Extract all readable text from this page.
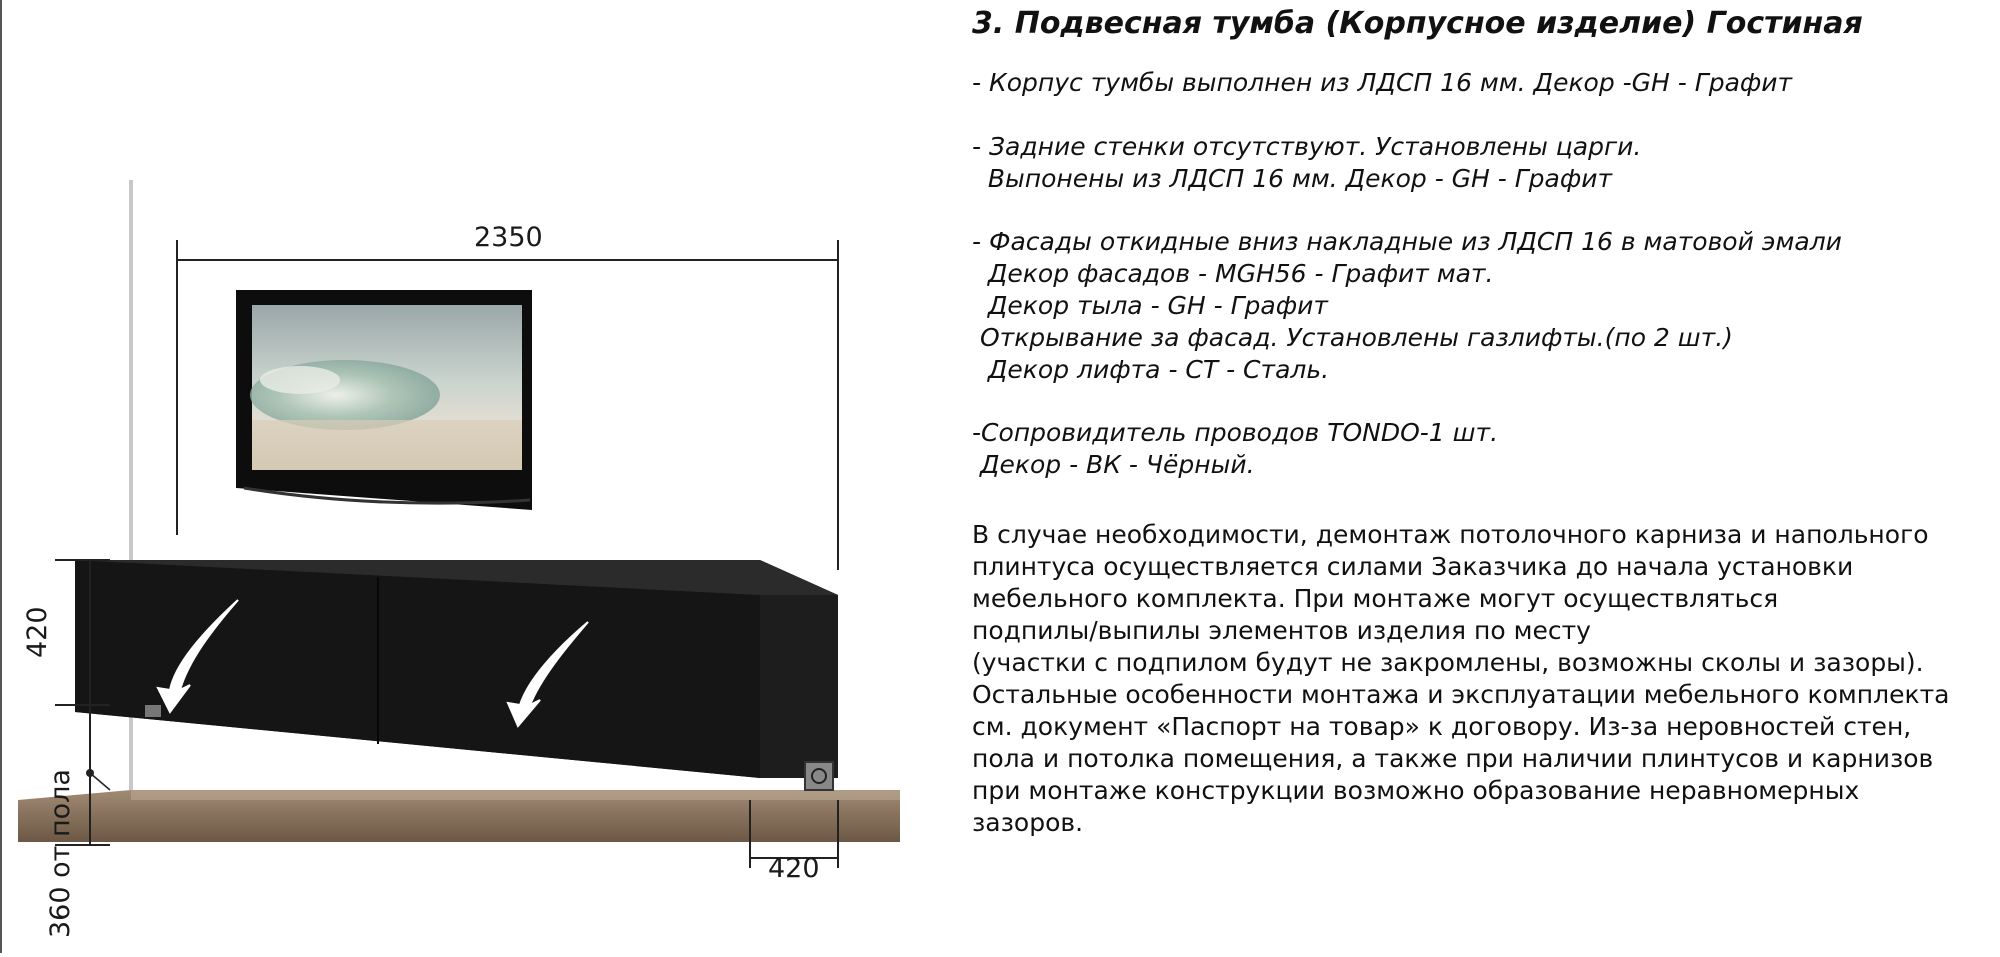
2350
420
360 от пола	420
3. Подвесная тумба (Корпусное изделие) Гостиная
- Корпус тумбы выполнен из ЛДСП 16 мм. Декор -GH - Графит
- Задние стенки отсутствуют. Установлены царги.
Выпонены из ЛДСП 16 мм. Декор - GH - Графит
- Фасады откидные вниз накладные из ЛДСП 16 в матовой эмали
Декор фасадов - MGH56 - Графит мат.
Декор тыла - GH - Графит
Открывание за фасад. Установлены газлифты.(по 2 шт.)
Декор лифта - СТ - Сталь.
-Сопровидитель проводов TONDO-1 шт.
Декор - ВК - Чёрный.
В случае необходимости, демонтаж потолочного карниза и напольного
плинтуса осуществляется силами Заказчика до начала установки
мебельного комплекта. При монтаже могут осуществляться
подпилы/выпилы элементов изделия по месту
(участки с подпилом будут не закромлены, возможны сколы и зазоры).
Остальные особенности монтажа и эксплуатации мебельного комплекта
см. документ «Паспорт на товар» к договору. Из-за неровностей стен,
пола и потолка помещения, а также при наличии плинтусов и карнизов
при монтаже конструкции возможно образование неравномерных
зазоров.
